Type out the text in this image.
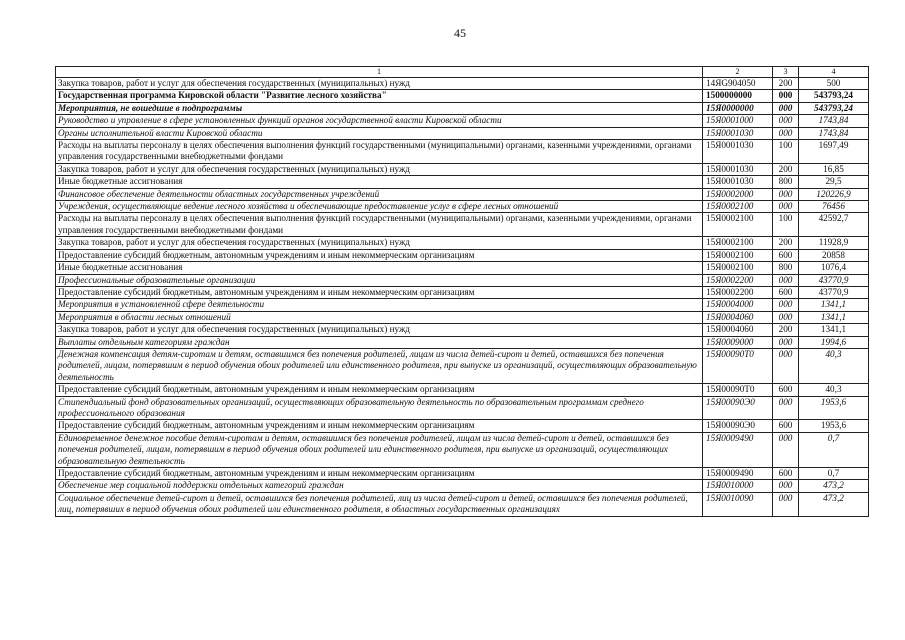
45
1	2	3	4
Закупка товаров, работ и услуг для обеспечения государственных (муниципальных) нужд	14ЯG904050	200	500
Государственная программа Кировской области "Развитие лесного хозяйства"	1500000000	000	543793,24
Мероприятия, не вошедшие в подпрограммы	15Я0000000	000	543793,24
Руководство и управление в сфере установленных функций органов государственной власти Кировской области	15Я0001000	000	1743,84
Органы исполнительной власти Кировской области	15Я0001030	000	1743,84
Расходы на выплаты персоналу в целях обеспечения выполнения функций государственными (муниципальными) органами, казенными учреждениями, органами управления государственными внебюджетными фондами	15Я0001030	100	1697,49
Закупка товаров, работ и услуг для обеспечения государственных (муниципальных) нужд	15Я0001030	200	16,85
Иные бюджетные ассигнования	15Я0001030	800	29,5
Финансовое обеспечение деятельности областных государственных учреждений	15Я0002000	000	120226,9
Учреждения, осуществляющие ведение лесного хозяйства и обеспечивающие предоставление услуг в сфере лесных отношений	15Я0002100	000	76456
Расходы на выплаты персоналу в целях обеспечения выполнения функций государственными (муниципальными) органами, казенными учреждениями, органами управления государственными внебюджетными фондами	15Я0002100	100	42592,7
Закупка товаров, работ и услуг для обеспечения государственных (муниципальных) нужд	15Я0002100	200	11928,9
Предоставление субсидий бюджетным, автономным учреждениям и иным некоммерческим организациям	15Я0002100	600	20858
Иные бюджетные ассигнования	15Я0002100	800	1076,4
Профессиональные образовательные организации	15Я0002200	000	43770,9
Предоставление субсидий бюджетным, автономным учреждениям и иным некоммерческим организациям	15Я0002200	600	43770,9
Мероприятия в установленной сфере деятельности	15Я0004000	000	1341,1
Мероприятия в области лесных отношений	15Я0004060	000	1341,1
Закупка товаров, работ и услуг для обеспечения государственных (муниципальных) нужд	15Я0004060	200	1341,1
Выплаты отдельным категориям граждан	15Я0009000	000	1994,6
Денежная компенсация детям-сиротам и детям, оставшимся без попечения родителей, лицам из числа детей-сирот и детей, оставшихся без попечения родителей, лицам, потерявшим в период обучения обоих родителей или единственного родителя, при выпуске из организаций, осуществляющих образовательную деятельность	15Я00090Т0	000	40,3
Предоставление субсидий бюджетным, автономным учреждениям и иным некоммерческим организациям	15Я00090Т0	600	40,3
Стипендиальный фонд образовательных организаций, осуществляющих образовательную деятельность по образовательным программам среднего профессионального образования	15Я00090Э0	000	1953,6
Предоставление субсидий бюджетным, автономным учреждениям и иным некоммерческим организациям	15Я00090Э0	600	1953,6
Единовременное денежное пособие детям-сиротам и детям, оставшимся без попечения родителей, лицам из числа детей-сирот и детей, оставшихся без попечения родителей, лицам, потерявшим в период обучения обоих родителей или единственного родителя, при выпуске из организаций, осуществляющих образовательную деятельность	15Я0009490	000	0,7
Предоставление субсидий бюджетным, автономным учреждениям и иным некоммерческим организациям	15Я0009490	600	0,7
Обеспечение мер социальной поддержки отдельных категорий граждан	15Я0010000	000	473,2
Социальное обеспечение детей-сирот и детей, оставшихся без попечения родителей, лиц из числа детей-сирот и детей, оставшихся без попечения родителей, лиц, потерявших в период обучения обоих родителей или единственного родителя, в областных государственных организациях	15Я0010090	000	473,2
